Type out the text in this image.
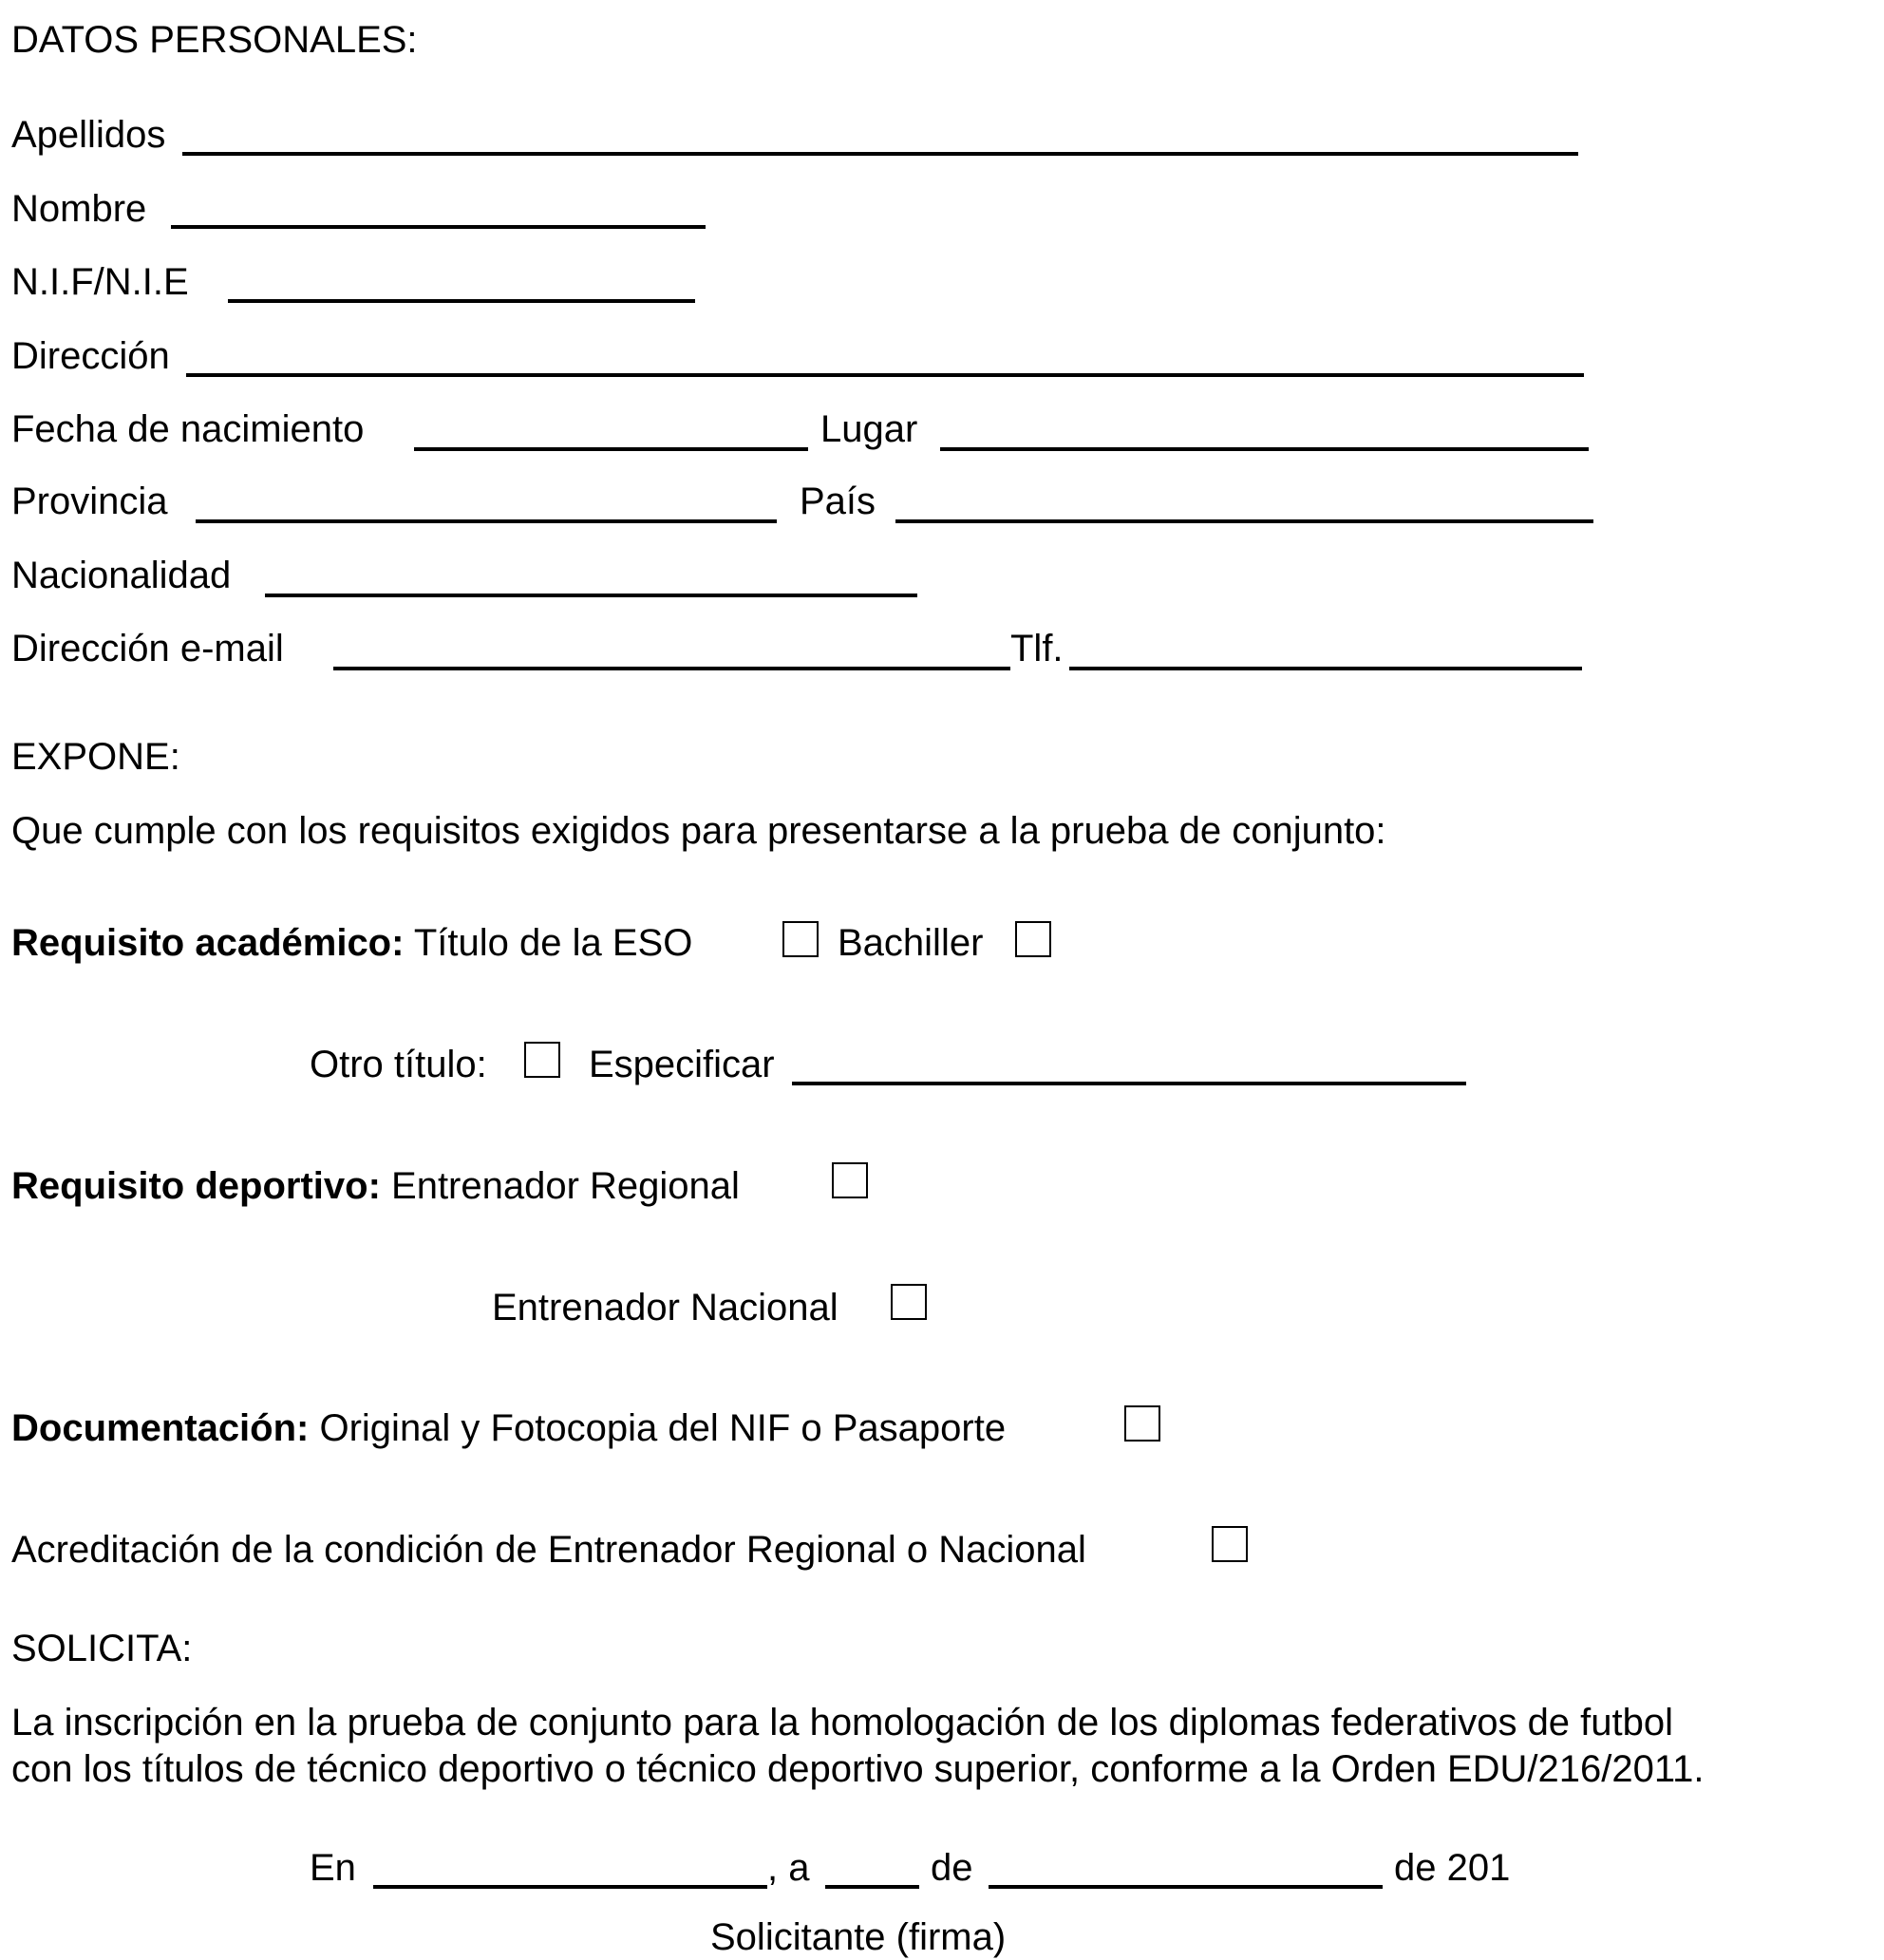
DATOS PERSONALES:
Apellidos
Nombre
N.I.F/N.I.E
Dirección
Fecha de nacimiento	Lugar
Provincia	País
Nacionalidad
Dirección e-mail	Tlf.
EXPONE:
Que cumple con los requisitos exigidos para presentarse a la prueba de conjunto:
Requisito académico: Título de la ESO	Bachiller
Otro título:	Especificar
Requisito deportivo: Entrenador Regional
Entrenador Nacional
Documentación: Original y Fotocopia del NIF o Pasaporte
Acreditación de la condición de Entrenador Regional o Nacional
SOLICITA:
La inscripción en la prueba de conjunto para la homologación de los diplomas federativos de futbol
con los títulos de técnico deportivo o técnico deportivo superior, conforme a la Orden EDU/216/2011.
En	, a	de	de 201
Solicitante (firma)
